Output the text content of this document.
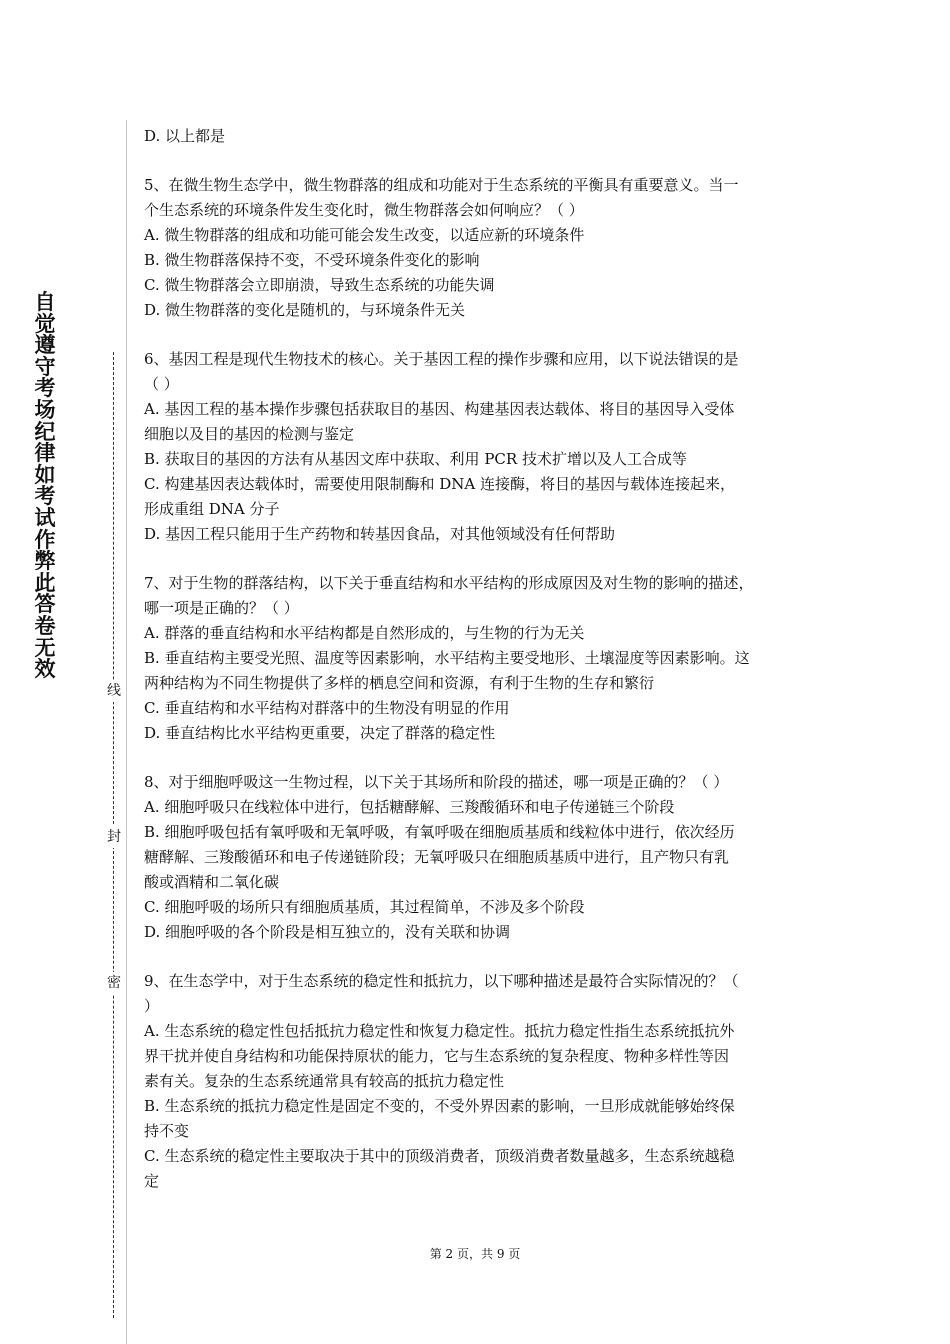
自觉遵守考场纪律如考试作弊此答卷无效
线
封
密
D. 以上都是
5、在微生物生态学中，微生物群落的组成和功能对于生态系统的平衡具有重要意义。当一
个生态系统的环境条件发生变化时，微生物群落会如何响应？（ ）
A. 微生物群落的组成和功能可能会发生改变，以适应新的环境条件
B. 微生物群落保持不变，不受环境条件变化的影响
C. 微生物群落会立即崩溃，导致生态系统的功能失调
D. 微生物群落的变化是随机的，与环境条件无关
6、基因工程是现代生物技术的核心。关于基因工程的操作步骤和应用，以下说法错误的是
（ ）
A. 基因工程的基本操作步骤包括获取目的基因、构建基因表达载体、将目的基因导入受体
细胞以及目的基因的检测与鉴定
B. 获取目的基因的方法有从基因文库中获取、利用 PCR 技术扩增以及人工合成等
C. 构建基因表达载体时，需要使用限制酶和 DNA 连接酶，将目的基因与载体连接起来，
形成重组 DNA 分子
D. 基因工程只能用于生产药物和转基因食品，对其他领域没有任何帮助
7、对于生物的群落结构，以下关于垂直结构和水平结构的形成原因及对生物的影响的描述，
哪一项是正确的？（ ）
A. 群落的垂直结构和水平结构都是自然形成的，与生物的行为无关
B. 垂直结构主要受光照、温度等因素影响，水平结构主要受地形、土壤湿度等因素影响。这
两种结构为不同生物提供了多样的栖息空间和资源，有利于生物的生存和繁衍
C. 垂直结构和水平结构对群落中的生物没有明显的作用
D. 垂直结构比水平结构更重要，决定了群落的稳定性
8、对于细胞呼吸这一生物过程，以下关于其场所和阶段的描述，哪一项是正确的？（ ）
A. 细胞呼吸只在线粒体中进行，包括糖酵解、三羧酸循环和电子传递链三个阶段
B. 细胞呼吸包括有氧呼吸和无氧呼吸，有氧呼吸在细胞质基质和线粒体中进行，依次经历
糖酵解、三羧酸循环和电子传递链阶段；无氧呼吸只在细胞质基质中进行，且产物只有乳
酸或酒精和二氧化碳
C. 细胞呼吸的场所只有细胞质基质，其过程简单，不涉及多个阶段
D. 细胞呼吸的各个阶段是相互独立的，没有关联和协调
9、在生态学中，对于生态系统的稳定性和抵抗力，以下哪种描述是最符合实际情况的？（
）
A. 生态系统的稳定性包括抵抗力稳定性和恢复力稳定性。抵抗力稳定性指生态系统抵抗外
界干扰并使自身结构和功能保持原状的能力，它与生态系统的复杂程度、物种多样性等因
素有关。复杂的生态系统通常具有较高的抵抗力稳定性
B. 生态系统的抵抗力稳定性是固定不变的，不受外界因素的影响，一旦形成就能够始终保
持不变
C. 生态系统的稳定性主要取决于其中的顶级消费者，顶级消费者数量越多，生态系统越稳
定
第 2 页，共 9 页
